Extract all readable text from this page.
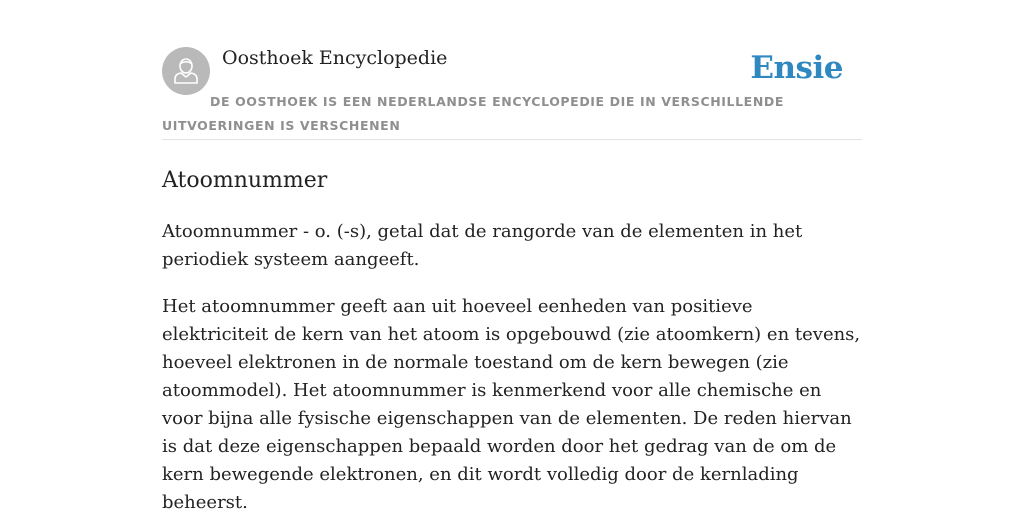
Oosthoek Encyclopedie	Ensie
DE OOSTHOEK IS EEN NEDERLANDSE ENCYCLOPEDIE DIE IN VERSCHILLENDE UITVOERINGEN IS VERSCHENEN
Atoomnummer

Atoomnummer - o. (-s), getal dat de rangorde van de elementen in het periodiek systeem aangeeft.

Het atoomnummer geeft aan uit hoeveel eenheden van positieve elektriciteit de kern van het atoom is opgebouwd (zie atoomkern) en tevens, hoeveel elektronen in de normale toestand om de kern bewegen (zie atoommodel). Het atoomnummer is kenmerkend voor alle chemische en voor bijna alle fysische eigenschappen van de elementen. De reden hiervan is dat deze eigenschappen bepaald worden door het gedrag van de om de kern bewegende elektronen, en dit wordt volledig door de kernlading beheerst.
